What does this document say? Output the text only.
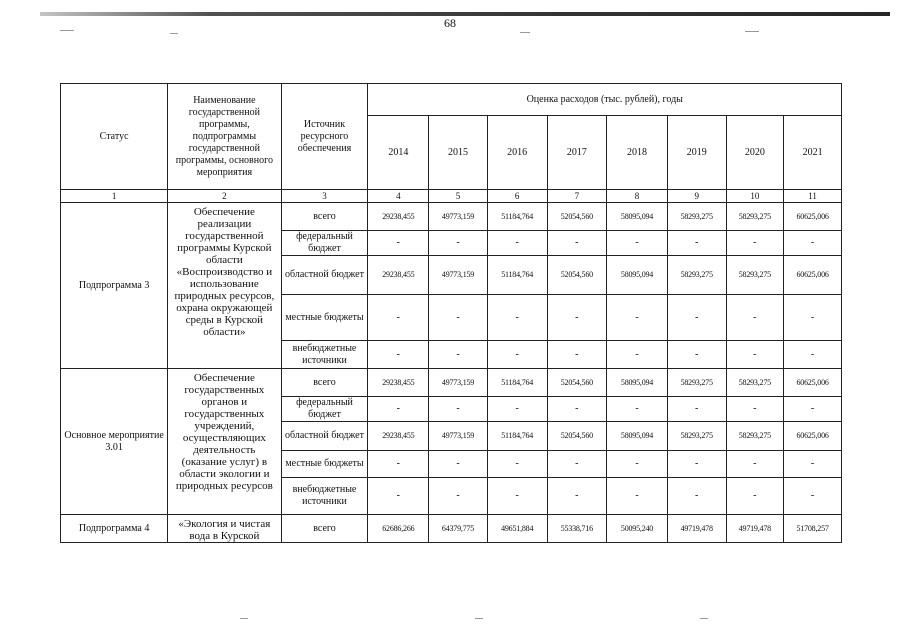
68
Статус	Наименование государственной программы, подпрограммы государственной программы, основного мероприятия	Источник ресурсного обеспечения	Оценка расходов (тыс. рублей), годы							
			2014	2015	2016	2017	2018	2019	2020	2021
1	2	3	4	5	6	7	8	9	10	11
Подпрограмма 3	Обеспечение реализации государственной программы Курской области «Воспроизводство и использование природных ресурсов, охрана окружающей среды в Курской области»	всего	29238,455	49773,159	51184,764	52054,560	58095,094	58293,275	58293,275	60625,006
		федеральный бюджет	-	-	-	-	-	-	-	-
		областной бюджет	29238,455	49773,159	51184,764	52054,560	58095,094	58293,275	58293,275	60625,006
		местные бюджеты	-	-	-	-	-	-	-	-
		внебюджетные источники	-	-	-	-	-	-	-	-
Основное мероприятие 3.01	Обеспечение государственных органов и государственных учреждений, осуществляющих деятельность (оказание услуг) в области экологии и природных ресурсов	всего	29238,455	49773,159	51184,764	52054,560	58095,094	58293,275	58293,275	60625,006
		федеральный бюджет	-	-	-	-	-	-	-	-
		областной бюджет	29238,455	49773,159	51184,764	52054,560	58095,094	58293,275	58293,275	60625,006
		местные бюджеты	-	-	-	-	-	-	-	-
		внебюджетные источники	-	-	-	-	-	-	-	-
Подпрограмма 4	«Экология и чистая вода в Курской	всего	62686,266	64379,775	49651,884	55338,716	50095,240	49719,478	49719,478	51708,257
